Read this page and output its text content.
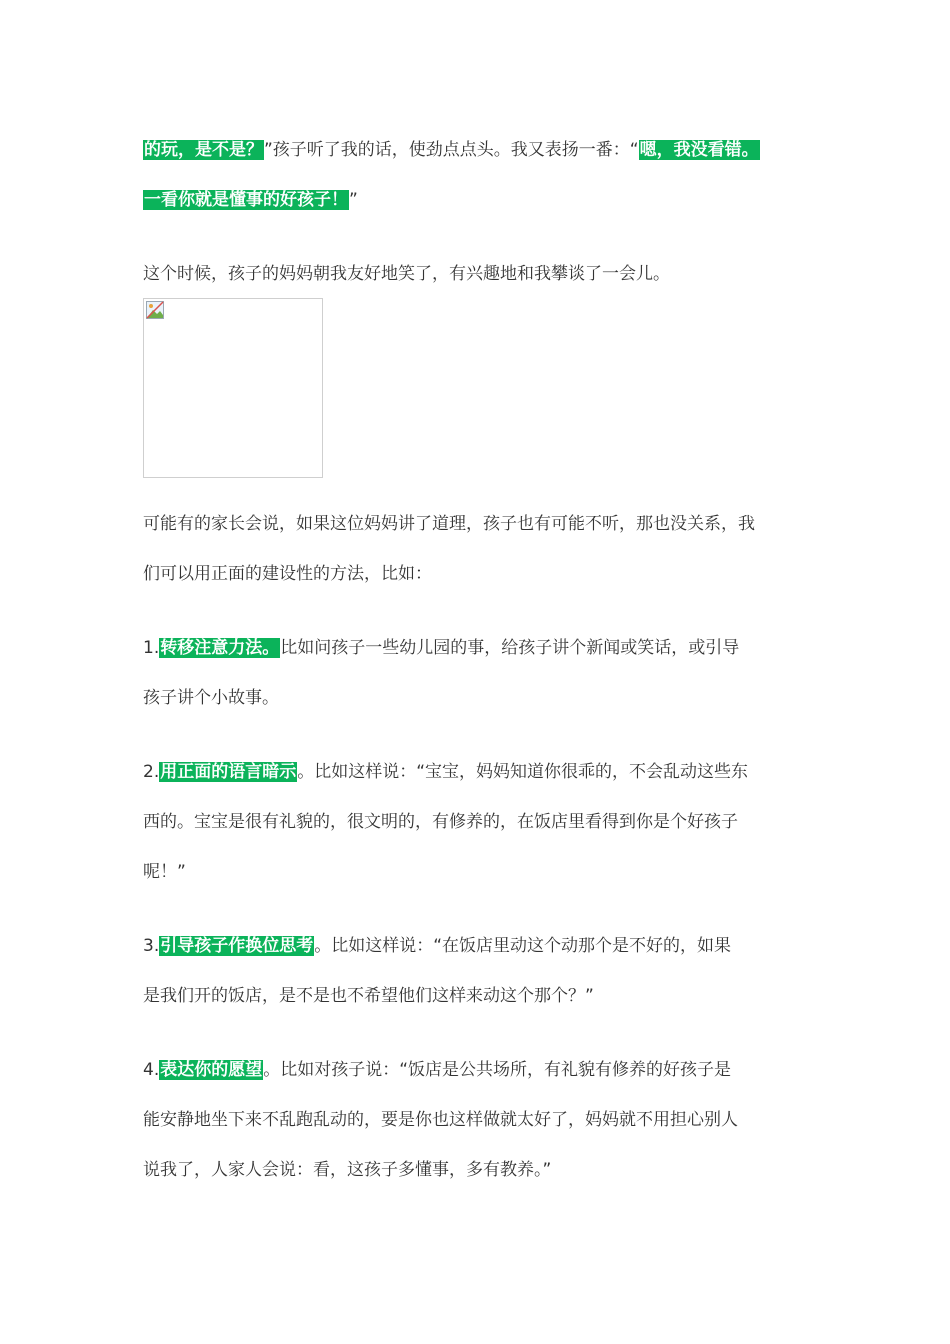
的玩，是不是？”孩子听了我的话，使劲点点头。我又表扬一番：“嗯，我没看错。
一看你就是懂事的好孩子！”
这个时候，孩子的妈妈朝我友好地笑了，有兴趣地和我攀谈了一会儿。
可能有的家长会说，如果这位妈妈讲了道理，孩子也有可能不听，那也没关系，我
们可以用正面的建设性的方法，比如：
1.转移注意力法。比如问孩子一些幼儿园的事，给孩子讲个新闻或笑话，或引导
孩子讲个小故事。
2.用正面的语言暗示。比如这样说：“宝宝，妈妈知道你很乖的，不会乱动这些东
西的。宝宝是很有礼貌的，很文明的，有修养的，在饭店里看得到你是个好孩子
呢！”
3.引导孩子作换位思考。比如这样说：“在饭店里动这个动那个是不好的，如果
是我们开的饭店，是不是也不希望他们这样来动这个那个？”
4.表达你的愿望。比如对孩子说：“饭店是公共场所，有礼貌有修养的好孩子是
能安静地坐下来不乱跑乱动的，要是你也这样做就太好了，妈妈就不用担心别人
说我了，人家人会说：看，这孩子多懂事，多有教养。”
